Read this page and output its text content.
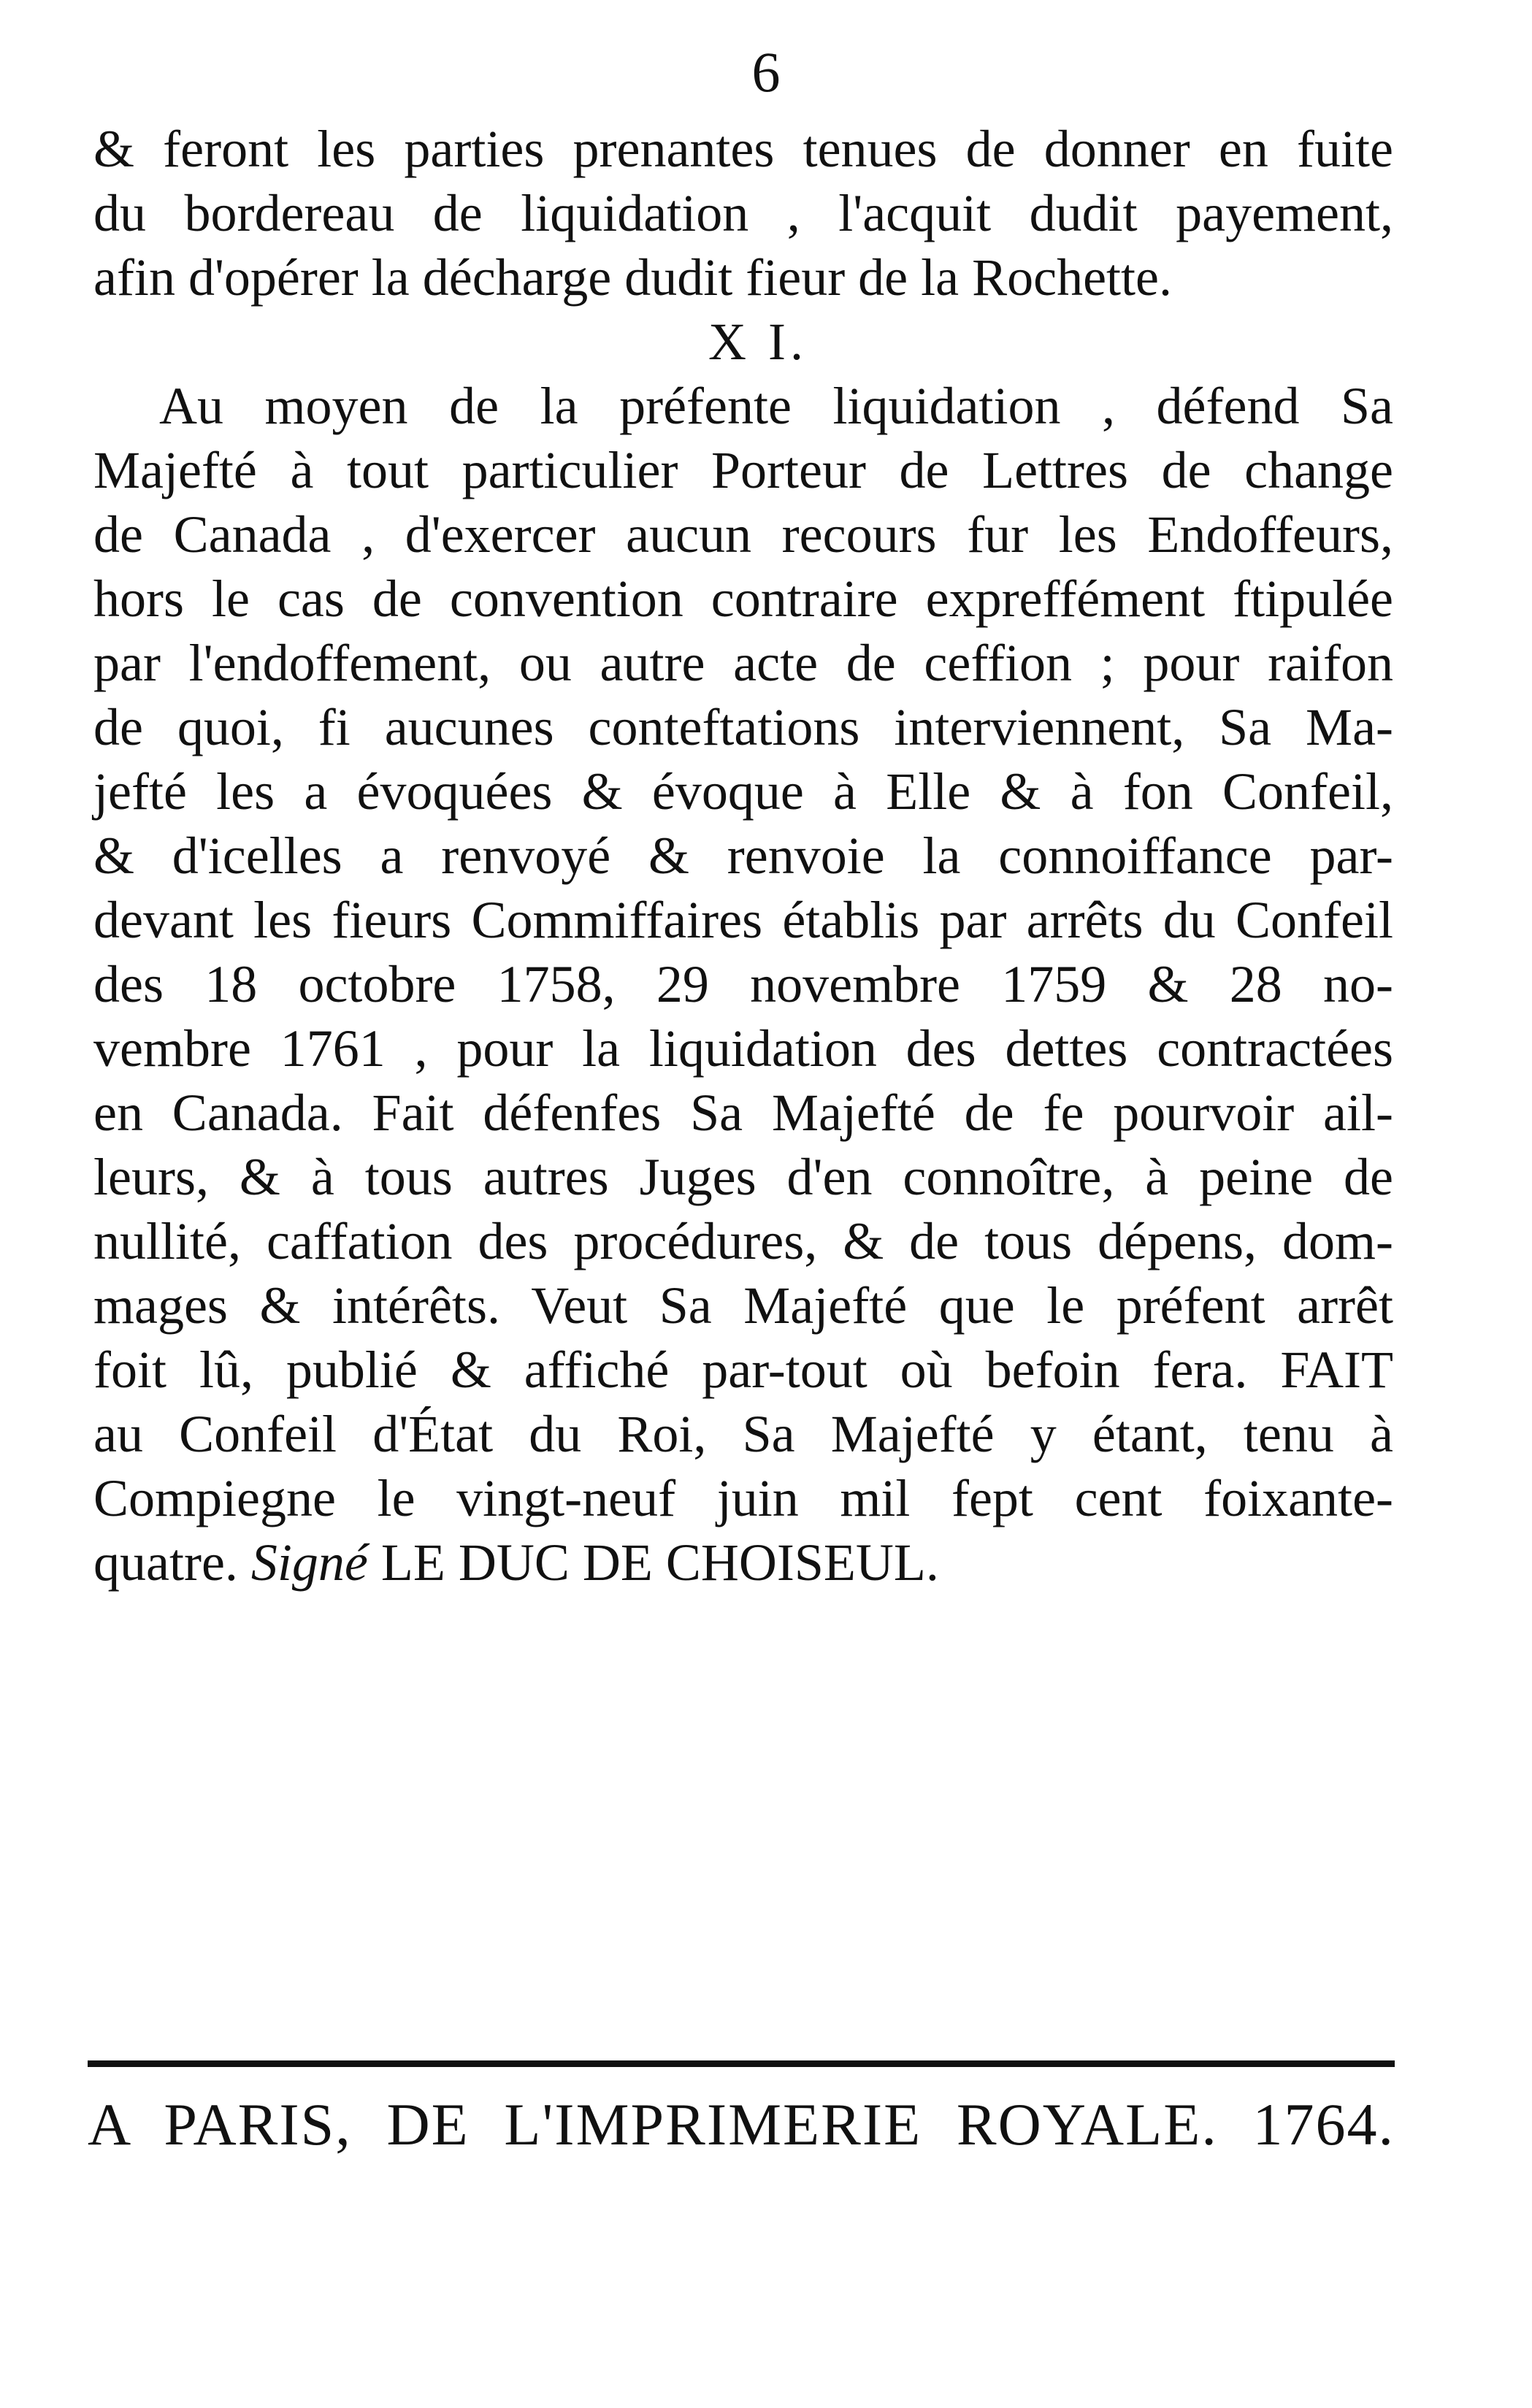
6
& feront les parties prenantes tenues de donner en fuite
du bordereau de liquidation , l'acquit dudit payement,
afin d'opérer la décharge dudit fieur de la Rochette.
X I.
Au moyen de la préfente liquidation , défend Sa
Majefté à tout particulier Porteur de Lettres de change
de Canada , d'exercer aucun recours fur les Endoffeurs,
hors le cas de convention contraire expreffément ftipulée
par l'endoffement, ou autre acte de ceffion ; pour raifon
de quoi, fi aucunes conteftations interviennent, Sa Ma-
jefté les a évoquées & évoque à Elle & à fon Confeil,
& d'icelles a renvoyé & renvoie la connoiffance par-
devant les fieurs Commiffaires établis par arrêts du Confeil
des 18 octobre 1758, 29 novembre 1759 & 28 no-
vembre 1761 , pour la liquidation des dettes contractées
en Canada. Fait défenfes Sa Majefté de fe pourvoir ail-
leurs, & à tous autres Juges d'en connoître, à peine de
nullité, caffation des procédures, & de tous dépens, dom-
mages & intérêts. Veut Sa Majefté que le préfent arrêt
foit lû, publié & affiché par-tout où befoin fera. FAIT
au Confeil d'État du Roi, Sa Majefté y étant, tenu à
Compiegne le vingt-neuf juin mil fept cent foixante-
quatre. Signé LE DUC DE CHOISEUL.
A PARIS, DE L'IMPRIMERIE ROYALE. 1764.
